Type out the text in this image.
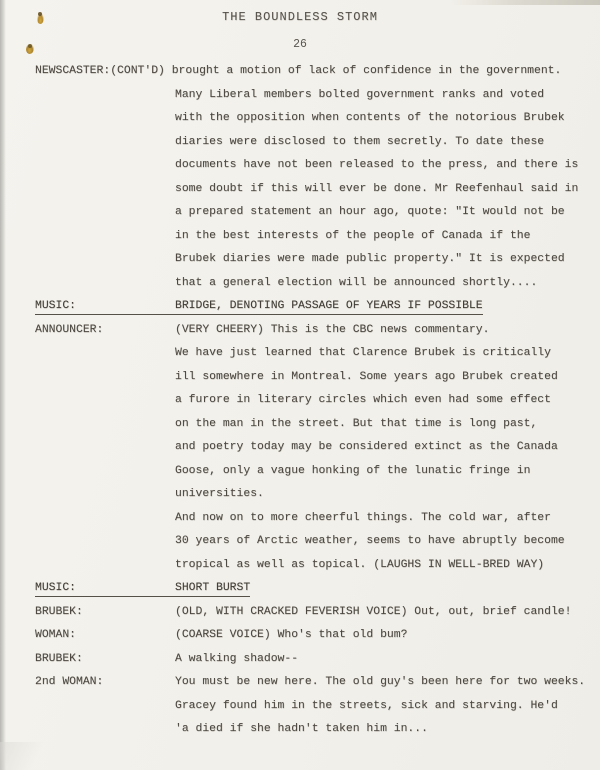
THE BOUNDLESS STORM
26
NEWSCASTER:(CONT'D) brought a motion of lack of confidence in the government.
Many Liberal members bolted government ranks and voted
with the opposition when contents of the notorious Brubek
diaries were disclosed to them secretly. To date these
documents have not been released to the press, and there is
some doubt if this will ever be done. Mr Reefenhaul said in
a prepared statement an hour ago, quote: "It would not be
in the best interests of the people of Canada if the
Brubek diaries were made public property." It is expected
that a general election will be announced shortly....
MUSIC:	BRIDGE, DENOTING PASSAGE OF YEARS IF POSSIBLE
ANNOUNCER:	(VERY CHEERY) This is the CBC news commentary.
We have just learned that Clarence Brubek is critically
ill somewhere in Montreal. Some years ago Brubek created
a furore in literary circles which even had some effect
on the man in the street. But that time is long past,
and poetry today may be considered extinct as the Canada
Goose, only a vague honking of the lunatic fringe in
universities.
And now on to more cheerful things. The cold war, after
30 years of Arctic weather, seems to have abruptly become
tropical as well as topical. (LAUGHS IN WELL-BRED WAY)
MUSIC:	SHORT BURST
BRUBEK:	(OLD, WITH CRACKED FEVERISH VOICE) Out, out, brief candle!
WOMAN:	(COARSE VOICE) Who's that old bum?
BRUBEK:	A walking shadow--
2nd WOMAN:	You must be new here. The old guy's been here for two weeks.
Gracey found him in the streets, sick and starving. He'd
'a died if she hadn't taken him in...
